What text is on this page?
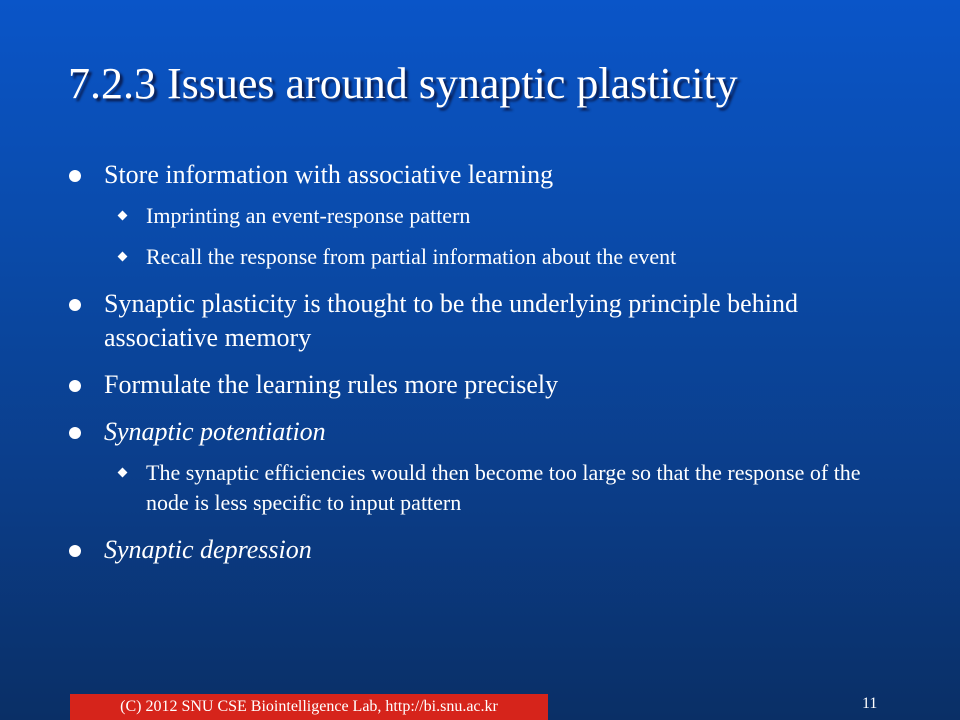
7.2.3 Issues around synaptic plasticity
Store information with associative learning
Imprinting an event-response pattern
Recall the response from partial information about the event
Synaptic plasticity is thought to be the underlying principle behind associative memory
Formulate the learning rules more precisely
Synaptic potentiation
The synaptic efficiencies would then become too large so that the response of the node is less specific to input pattern
Synaptic depression
(C) 2012 SNU CSE Biointelligence Lab, http://bi.snu.ac.kr	11
